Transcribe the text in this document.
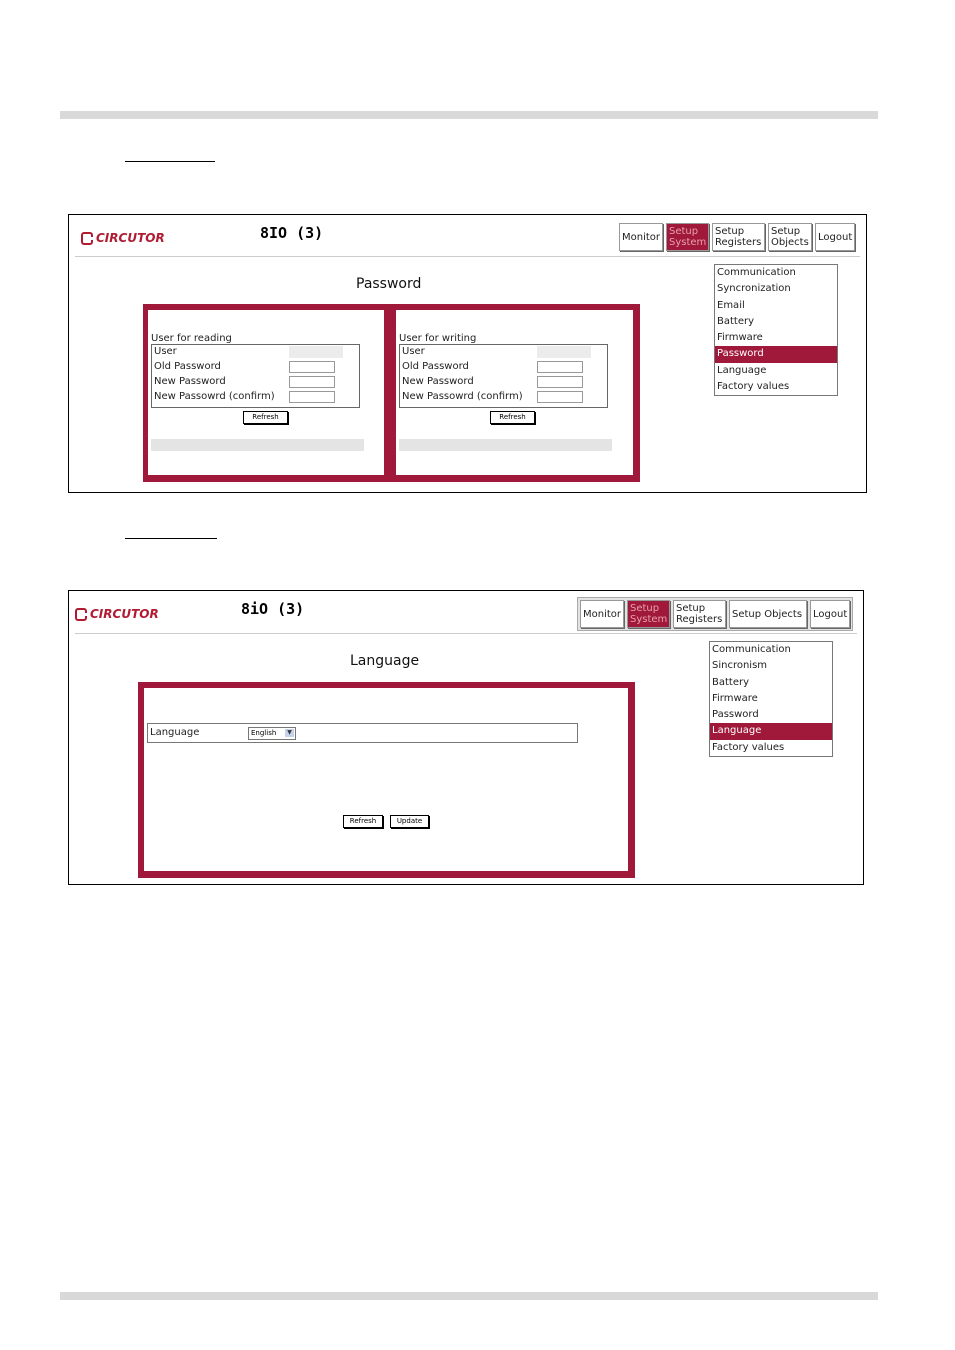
CIRCUTOR	8IO (3)	Monitor Setup System
Setup Registers
Setup Objects Logout
Password
Communication
Syncronization
Email
Battery
Firmware
Password
Language
Factory values
User for reading
User
Old Password
New Password
New Passowrd (confirm)
Refresh
User for writing
User
Old Password
New Password
New Passowrd (confirm)
Refresh
CIRCUTOR	8iO (3)	Monitor Setup System
Setup Registers Setup Objects	Logout
Language
Communication
Sincronism
Battery
Firmware
Password
Language
Factory values
Language	English	▼
Refresh	Update
